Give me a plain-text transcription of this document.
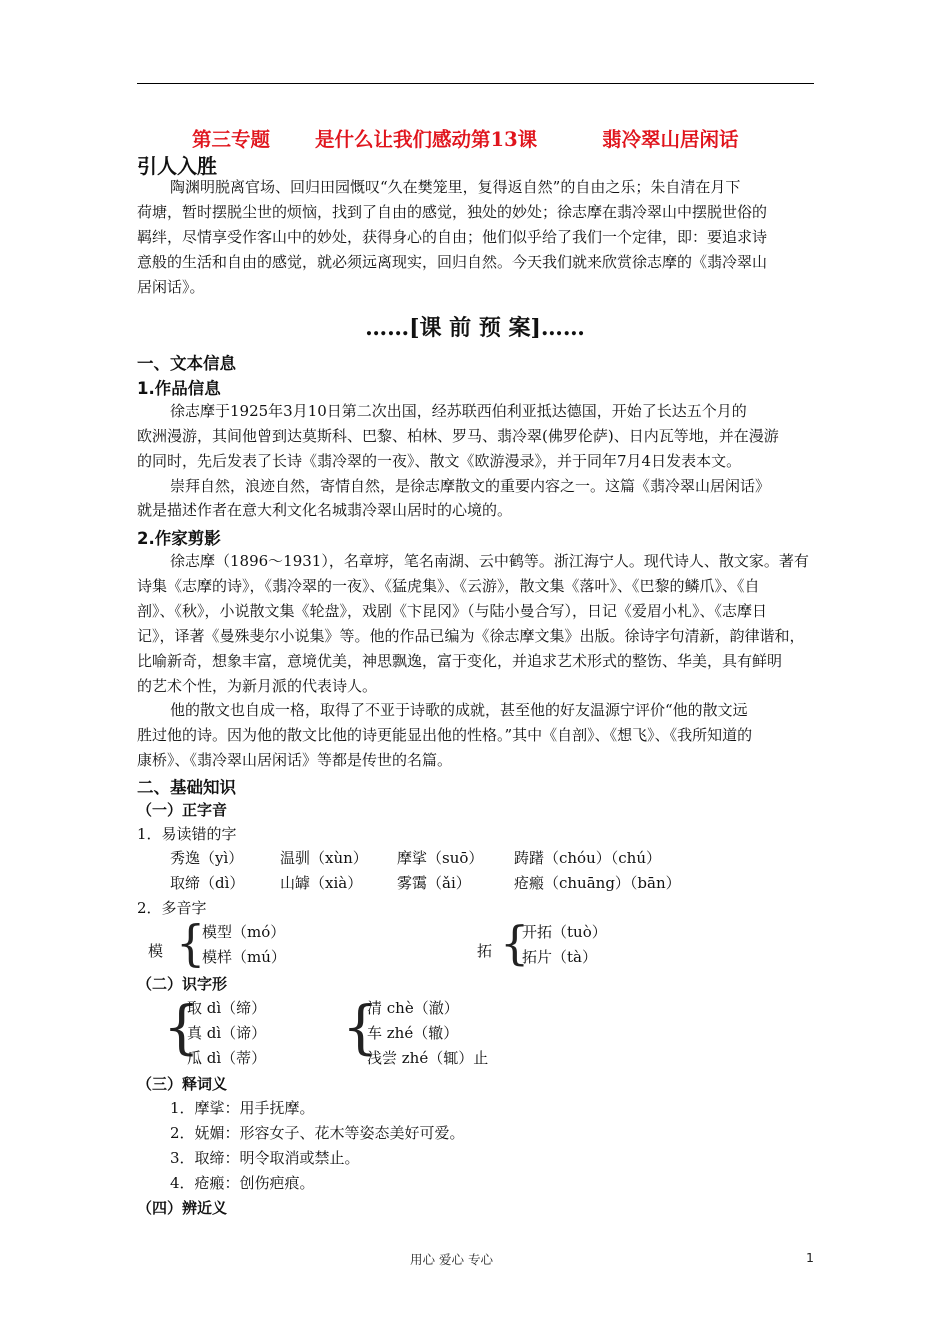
第三专题 是什么让我们感动第13课	翡冷翠山居闲话
引人入胜
陶渊明脱离官场、回归田园慨叹“久在樊笼里，复得返自然”的自由之乐；朱自清在月下
荷塘，暂时摆脱尘世的烦恼，找到了自由的感觉，独处的妙处；徐志摩在翡冷翠山中摆脱世俗的
羁绊，尽情享受作客山中的妙处，获得身心的自由；他们似乎给了我们一个定律，即：要追求诗
意般的生活和自由的感觉，就必须远离现实，回归自然。今天我们就来欣赏徐志摩的《翡冷翠山
居闲话》。
……[课 前 预 案]……
一、文本信息
1.作品信息
徐志摩于1925年3月10日第二次出国，经苏联西伯利亚抵达德国，开始了长达五个月的
欧洲漫游，其间他曾到达莫斯科、巴黎、柏林、罗马、翡冷翠(佛罗伦萨)、日内瓦等地，并在漫游
的同时，先后发表了长诗《翡冷翠的一夜》、散文《欧游漫录》，并于同年7月4日发表本文。
崇拜自然，浪迹自然，寄情自然，是徐志摩散文的重要内容之一。这篇《翡冷翠山居闲话》
就是描述作者在意大利文化名城翡冷翠山居时的心境的。
2.作家剪影
徐志摩（1896～1931），名章垿，笔名南湖、云中鹤等。浙江海宁人。现代诗人、散文家。著有
诗集《志摩的诗》，《翡冷翠的一夜》、《猛虎集》、《云游》，散文集《落叶》、《巴黎的鳞爪》、《自
剖》、《秋》，小说散文集《轮盘》，戏剧《卞昆冈》（与陆小曼合写），日记《爱眉小札》、《志摩日
记》，译著《曼殊斐尔小说集》等。他的作品已编为《徐志摩文集》出版。徐诗字句清新，韵律谐和，
比喻新奇，想象丰富，意境优美，神思飘逸，富于变化，并追求艺术形式的整饬、华美，具有鲜明
的艺术个性，为新月派的代表诗人。
他的散文也自成一格，取得了不亚于诗歌的成就，甚至他的好友温源宁评价“他的散文远
胜过他的诗。因为他的散文比他的诗更能显出他的性格。”其中《自剖》、《想飞》、《我所知道的
康桥》、《翡冷翠山居闲话》等都是传世的名篇。
二、基础知识
（一）正字音
1．易读错的字
秀逸（yì） 温驯（xùn） 摩挲（suō） 踌躇（chóu）（chú）
取缔（dì） 山罅（xià） 雾霭（ǎi）	疮瘢（chuāng）（bān）
2．多音字
模 {
模型（mó）
模样（mú）	拓 {
开拓（tuò）
拓片（tà）
（二）识字形
{
取 dì（缔）
真 dì（谛）
瓜 dì（蒂） {
清 chè（澈）
车 zhé（辙）
浅尝 zhé（辄）止
（三）释词义
1．摩挲：用手抚摩。
2．妩媚：形容女子、花木等姿态美好可爱。
3．取缔：明令取消或禁止。
4．疮瘢：创伤疤痕。
（四）辨近义
用心 爱心 专心	1
